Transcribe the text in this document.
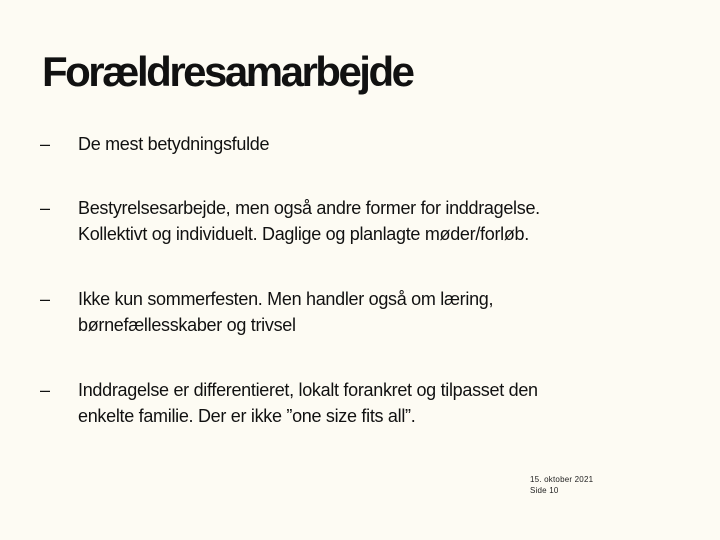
Forældresamarbejde
– De mest betydningsfulde
– Bestyrelsesarbejde, men også andre former for inddragelse.
Kollektivt og individuelt. Daglige og planlagte møder/forløb.
– Ikke kun sommerfesten. Men handler også om læring,
børnefællesskaber og trivsel
– Inddragelse er differentieret, lokalt forankret og tilpasset den
enkelte familie. Der er ikke ”one size fits all”.
15. oktober 2021
Side 10
